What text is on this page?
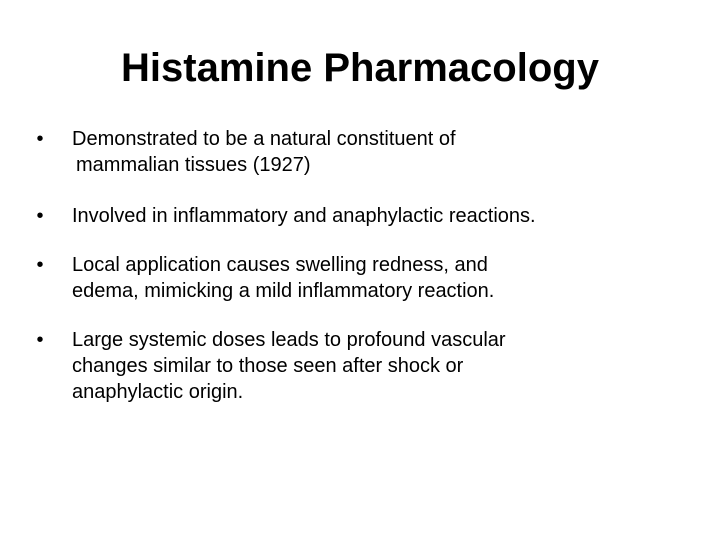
Histamine Pharmacology
•	Demonstrated to be a natural constituent of
mammalian tissues (1927)
•	Involved in inflammatory and anaphylactic reactions.
•	Local application causes swelling redness, and
edema, mimicking a mild inflammatory reaction.
•	Large systemic doses leads to profound vascular
changes similar to those seen after shock or
anaphylactic origin.
